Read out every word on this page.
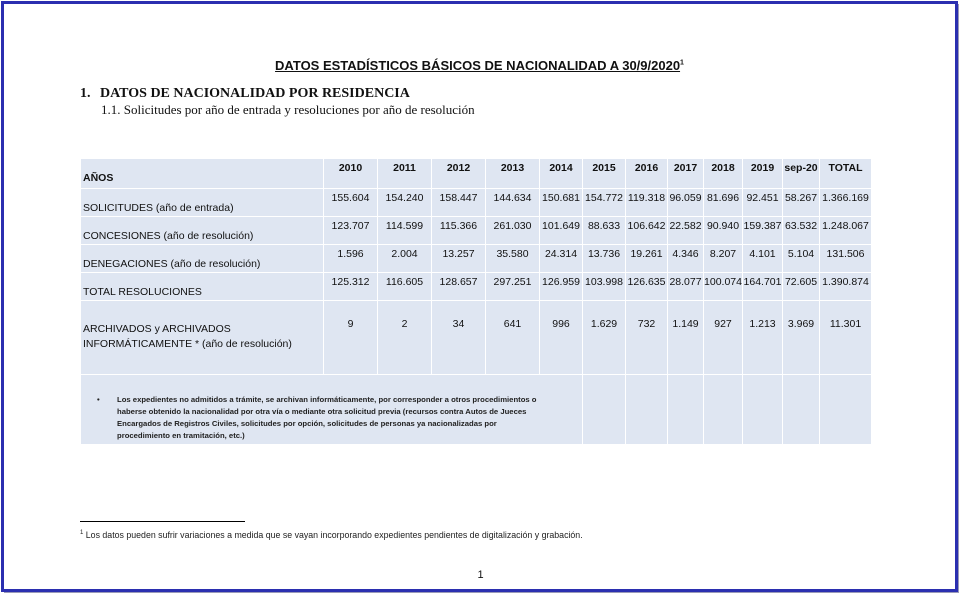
DATOS ESTADÍSTICOS BÁSICOS DE NACIONALIDAD A 30/9/2020$^1$
1. DATOS DE NACIONALIDAD POR RESIDENCIA
1.1. Solicitudes por año de entrada y resoluciones por año de resolución
AÑOS	2010	2011	2012	2013	2014	2015	2016	2017	2018	2019	sep-20	TOTAL
SOLICITUDES (año de entrada)	155.604	154.240	158.447	144.634	150.681	154.772	119.318	96.059	81.696	92.451	58.267	1.366.169
CONCESIONES (año de resolución)	123.707	114.599	115.366	261.030	101.649	88.633	106.642	22.582	90.940	159.387	63.532	1.248.067
DENEGACIONES (año de resolución)	1.596	2.004	13.257	35.580	24.314	13.736	19.261	4.346	8.207	4.101	5.104	131.506
TOTAL RESOLUCIONES	125.312	116.605	128.657	297.251	126.959	103.998	126.635	28.077	100.074	164.701	72.605	1.390.874
ARCHIVADOS y ARCHIVADOS INFORMÁTICAMENTE * (año de resolución)	9	2	34	641	996	1.629	732	1.149	927	1.213	3.969	11.301

• Los expedientes no admitidos a trámite, se archivan informáticamente, por corresponder a otros procedimientos o haberse obtenido la nacionalidad por otra vía o mediante otra solicitud previa (recursos contra Autos de Jueces Encargados de Registros Civiles, solicitudes por opción, solicitudes de personas ya nacionalizadas por procedimiento en tramitación, etc.)												

$^1$ Los datos pueden sufrir variaciones a medida que se vayan incorporando expedientes pendientes de digitalización y grabación.
1
